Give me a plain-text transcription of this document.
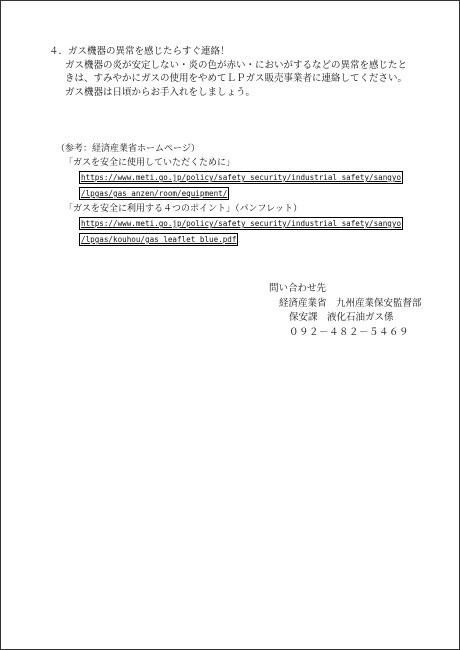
４．ガス機器の異常を感じたらすぐ連絡！
ガス機器の炎が安定しない・炎の色が赤い・においがするなどの異常を感じたと
きは、すみやかにガスの使用をやめてＬＰガス販売事業者に連絡してください。
ガス機器は日頃からお手入れをしましょう。
（参考：経済産業省ホームページ）
「ガスを安全に使用していただくために」
https://www.meti.go.jp/policy/safety_security/industrial_safety/sangyo
/lpgas/gas_anzen/room/equipment/
「ガスを安全に利用する４つのポイント」（パンフレット）
https://www.meti.go.jp/policy/safety_security/industrial_safety/sangyo
/lpgas/kouhou/gas_leaflet_blue.pdf
問い合わせ先
経済産業省　九州産業保安監督部
保安課　液化石油ガス係
０９２－４８２－５４６９
